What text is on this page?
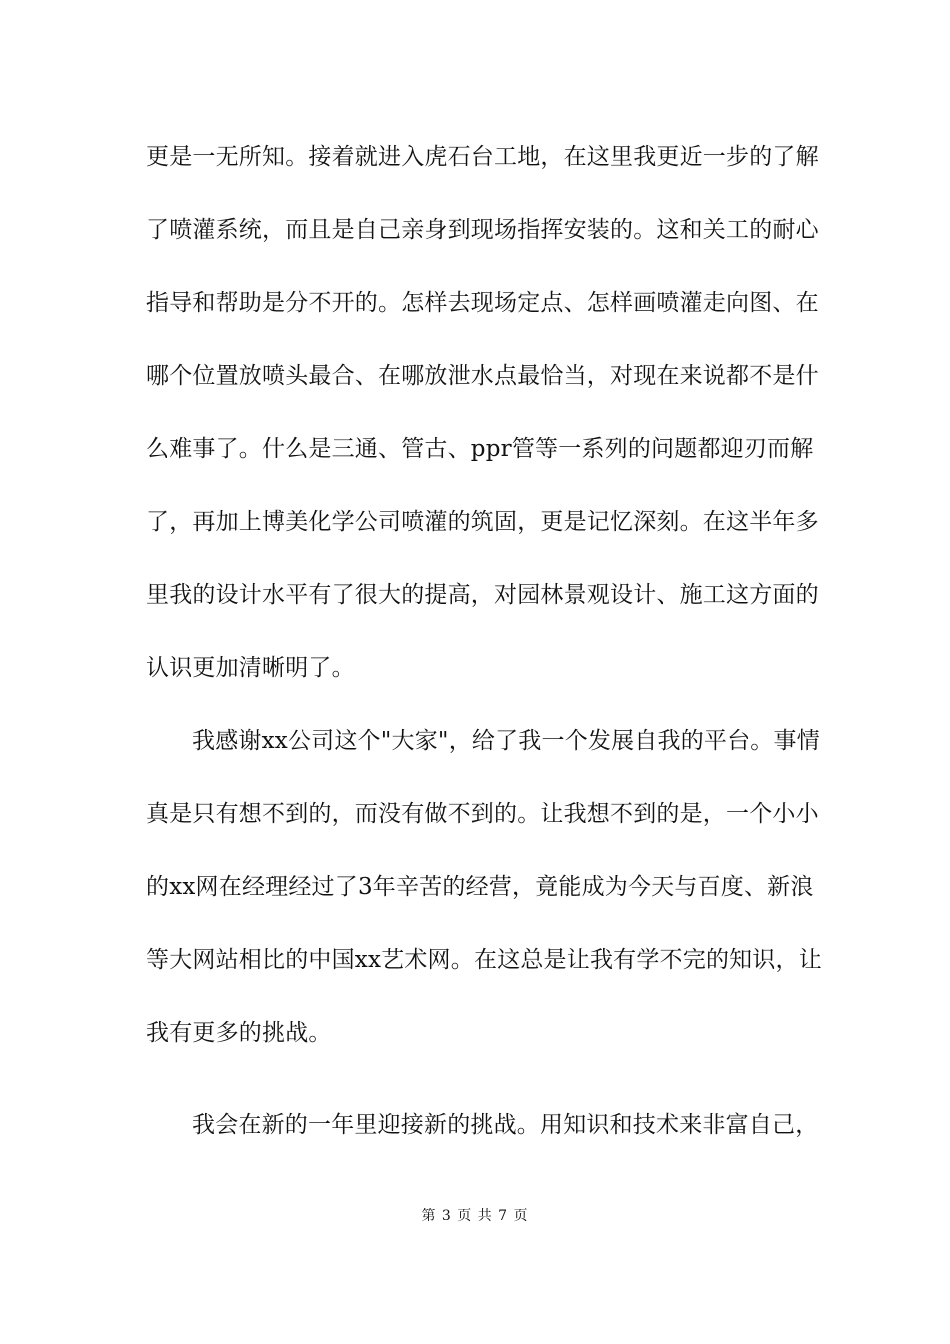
更是一无所知。接着就进入虎石台工地，在这里我更近一步的了解
了喷灌系统，而且是自己亲身到现场指挥安装的。这和关工的耐心
指导和帮助是分不开的。怎样去现场定点、怎样画喷灌走向图、在
哪个位置放喷头最合、在哪放泄水点最恰当，对现在来说都不是什
么难事了。什么是三通、管古、ppr管等一系列的问题都迎刃而解
了，再加上博美化学公司喷灌的筑固，更是记忆深刻。在这半年多
里我的设计水平有了很大的提高，对园林景观设计、施工这方面的
认识更加清晰明了。
我感谢xx公司这个"大家"，给了我一个发展自我的平台。事情
真是只有想不到的，而没有做不到的。让我想不到的是，一个小小
的xx网在经理经过了3年辛苦的经营，竟能成为今天与百度、新浪
等大网站相比的中国xx艺术网。在这总是让我有学不完的知识，让
我有更多的挑战。
我会在新的一年里迎接新的挑战。用知识和技术来非富自己，
第 3 页 共 7 页
